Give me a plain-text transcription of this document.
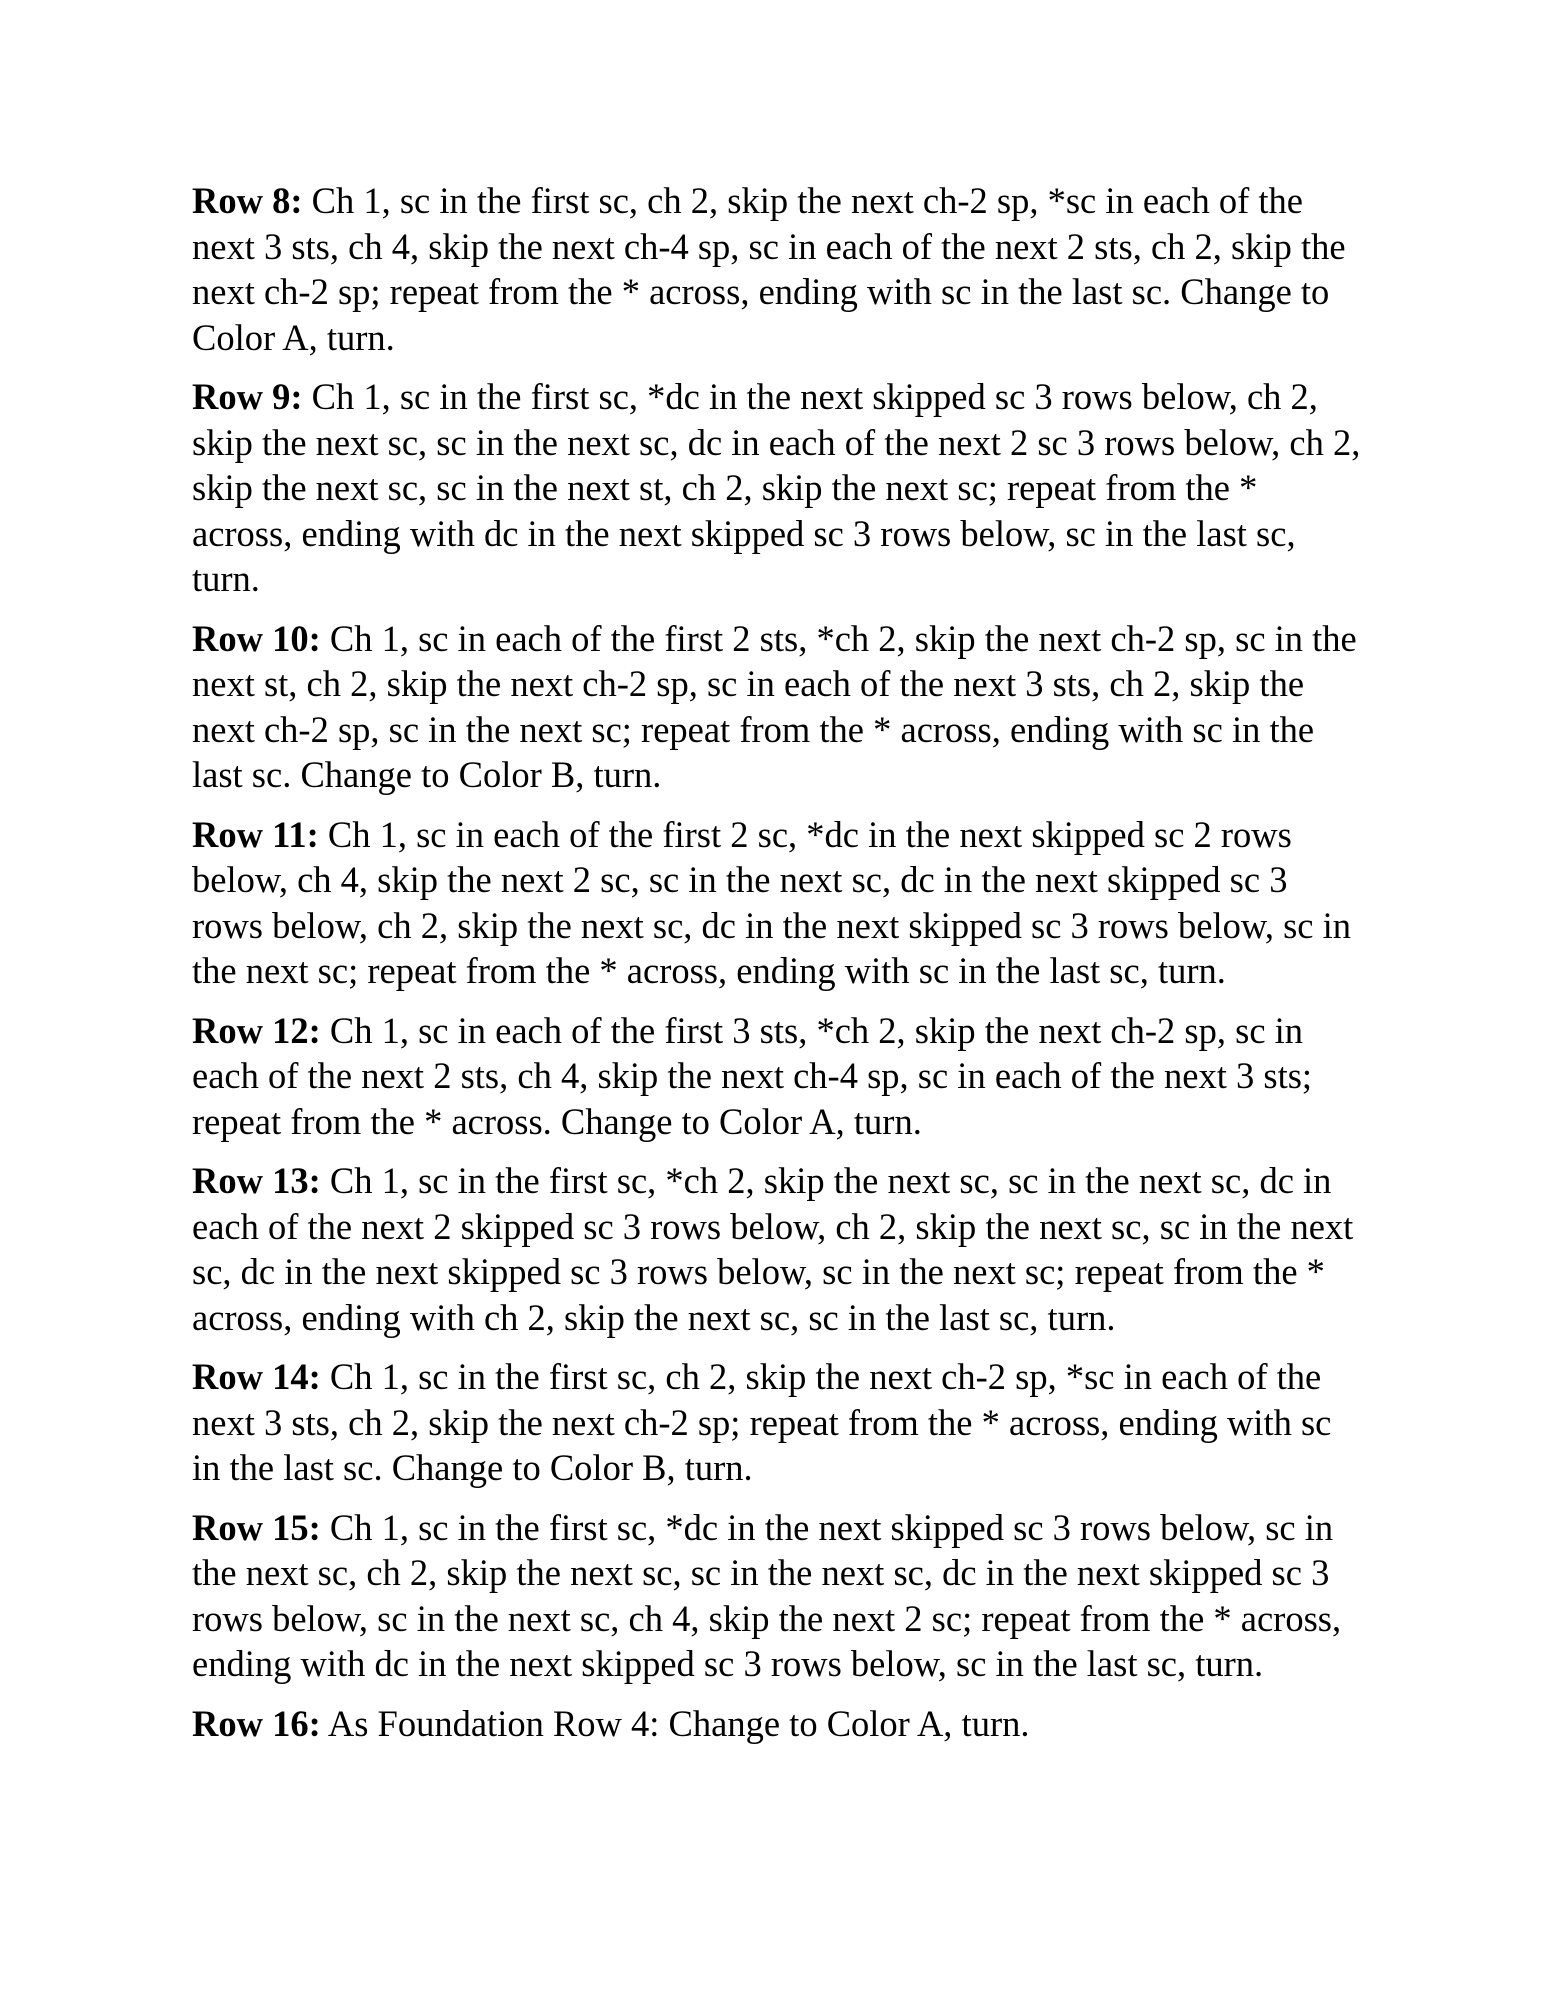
Row 8: Ch 1, sc in the first sc, ch 2, skip the next ch-2 sp, *sc in each of the next 3 sts, ch 4, skip the next ch-4 sp, sc in each of the next 2 sts, ch 2, skip the next ch-2 sp; repeat from the * across, ending with sc in the last sc. Change to Color A, turn.

Row 9: Ch 1, sc in the first sc, *dc in the next skipped sc 3 rows below, ch 2, skip the next sc, sc in the next sc, dc in each of the next 2 sc 3 rows below, ch 2, skip the next sc, sc in the next st, ch 2, skip the next sc; repeat from the * across, ending with dc in the next skipped sc 3 rows below, sc in the last sc, turn.

Row 10: Ch 1, sc in each of the first 2 sts, *ch 2, skip the next ch-2 sp, sc in the next st, ch 2, skip the next ch-2 sp, sc in each of the next 3 sts, ch 2, skip the next ch-2 sp, sc in the next sc; repeat from the * across, ending with sc in the last sc. Change to Color B, turn.

Row 11: Ch 1, sc in each of the first 2 sc, *dc in the next skipped sc 2 rows below, ch 4, skip the next 2 sc, sc in the next sc, dc in the next skipped sc 3 rows below, ch 2, skip the next sc, dc in the next skipped sc 3 rows below, sc in the next sc; repeat from the * across, ending with sc in the last sc, turn.

Row 12: Ch 1, sc in each of the first 3 sts, *ch 2, skip the next ch-2 sp, sc in each of the next 2 sts, ch 4, skip the next ch-4 sp, sc in each of the next 3 sts; repeat from the * across. Change to Color A, turn.

Row 13: Ch 1, sc in the first sc, *ch 2, skip the next sc, sc in the next sc, dc in each of the next 2 skipped sc 3 rows below, ch 2, skip the next sc, sc in the next sc, dc in the next skipped sc 3 rows below, sc in the next sc; repeat from the * across, ending with ch 2, skip the next sc, sc in the last sc, turn.

Row 14: Ch 1, sc in the first sc, ch 2, skip the next ch-2 sp, *sc in each of the next 3 sts, ch 2, skip the next ch-2 sp; repeat from the * across, ending with sc in the last sc. Change to Color B, turn.

Row 15: Ch 1, sc in the first sc, *dc in the next skipped sc 3 rows below, sc in the next sc, ch 2, skip the next sc, sc in the next sc, dc in the next skipped sc 3 rows below, sc in the next sc, ch 4, skip the next 2 sc; repeat from the * across, ending with dc in the next skipped sc 3 rows below, sc in the last sc, turn.

Row 16: As Foundation Row 4: Change to Color A, turn.
